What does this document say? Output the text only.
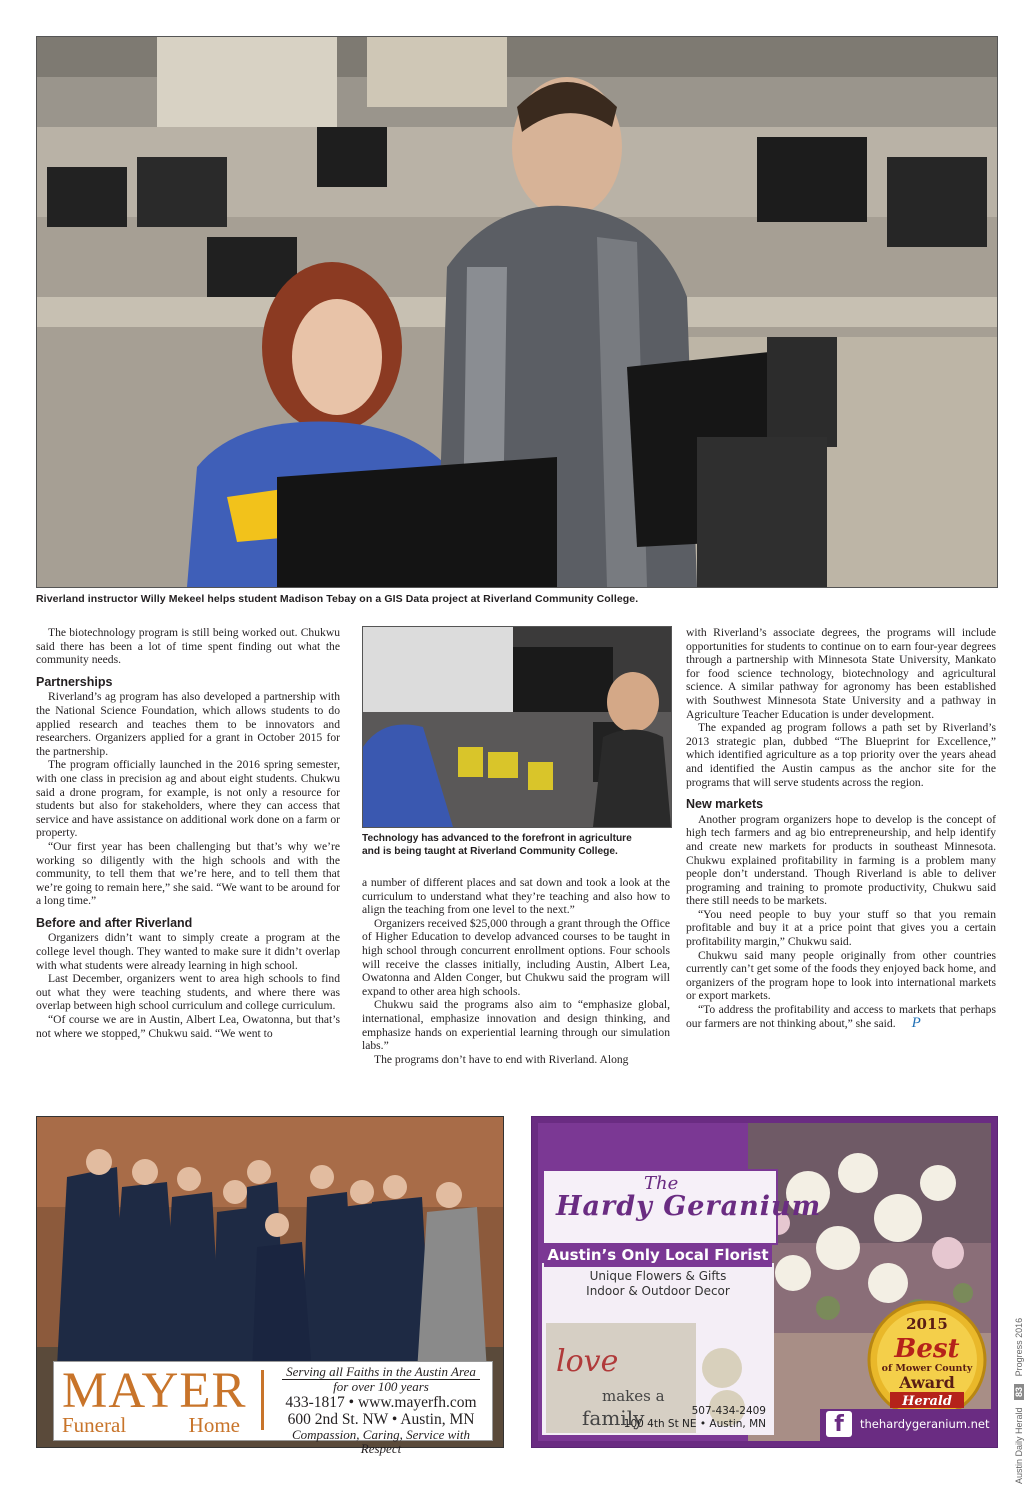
Riverland instructor Willy Mekeel helps student Madison Tebay on a GIS Data project at Riverland Community College.

The biotechnology program is still being worked out. Chukwu said there has been a lot of time spent finding out what the community needs.

Partnerships

Riverland’s ag program has also developed a partnership with the National Science Foundation, which allows students to do applied research and teaches them to be innovators and researchers. Organizers applied for a grant in October 2015 for the partnership.

The program officially launched in the 2016 spring semester, with one class in precision ag and about eight students. Chukwu said a drone program, for example, is not only a resource for students but also for stakeholders, where they can access that service and have assistance on additional work done on a farm or property.

“Our first year has been challenging but that’s why we’re working so diligently with the high schools and with the community, to tell them that we’re here, and to tell them that we’re going to remain here,” she said. “We want to be around for a long time.”

Before and after Riverland

Organizers didn’t want to simply create a program at the college level though. They wanted to make sure it didn’t overlap with what students were already learning in high school.

Last December, organizers went to area high schools to find out what they were teaching students, and where there was overlap between high school curriculum and college curriculum.

“Of course we are in Austin, Albert Lea, Owatonna, but that’s not where we stopped,” Chukwu said. “We went to

Technology has advanced to the forefront in agriculture
and is being taught at Riverland Community College.

a number of different places and sat down and took a look at the curriculum to understand what they’re teaching and also how to align the teaching from one level to the next.”

Organizers received $25,000 through a grant through the Office of Higher Education to develop advanced courses to be taught in high school through concurrent enrollment options. Four schools will receive the classes initially, including Austin, Albert Lea, Owatonna and Alden Conger, but Chukwu said the program will expand to other area high schools.

Chukwu said the programs also aim to “emphasize global, international, emphasize innovation and design thinking, and emphasize hands on experiential learning through our simulation labs.”

The programs don’t have to end with Riverland. Along

with Riverland’s associate degrees, the programs will include opportunities for students to continue on to earn four-year degrees through a partnership with Minnesota State University, Mankato for food science technology, biotechnology and agricultural science. A similar pathway for agronomy has been established with Southwest Minnesota State University and a pathway in Agriculture Teacher Education is under development.

The expanded ag program follows a path set by Riverland’s 2013 strategic plan, dubbed “The Blueprint for Excellence,” which identified agriculture as a top priority over the years ahead and identified the Austin campus as the anchor site for the programs that will serve students across the region.

New markets

Another program organizers hope to develop is the concept of high tech farmers and ag bio entrepreneurship, and help identify and create new markets for products in southeast Minnesota. Chukwu explained profitability in farming is a problem many people don’t understand. Though Riverland is able to deliver programing and training to promote productivity, Chukwu said there still needs to be markets.

“You need people to buy your stuff so that you remain profitable and buy it at a price point that gives you a certain profitability margin,” Chukwu said.

Chukwu said many people originally from other countries currently can’t get some of the foods they enjoyed back home, and organizers of the program hope to look into international markets or export markets.

“To address the profitability and access to markets that perhaps our farmers are not thinking about,” she said. P

MAYER
Funeral	Home
Serving all Faiths in the Austin Area
for over 100 years
433-1817 • www.mayerfh.com
600 2nd St. NW • Austin, MN
Compassion, Caring, Service with Respect
The
Hardy Geranium
love
makes a
family
Austin’s Only Local Florist
Unique Flowers & Gifts
Indoor & Outdoor Decor
507-434-2409
100 4th St NE • Austin, MN
2015
Best
of Mower County
Award
Herald
f	thehardygeranium.net	Austin Daily Herald 83 Progress 2016
